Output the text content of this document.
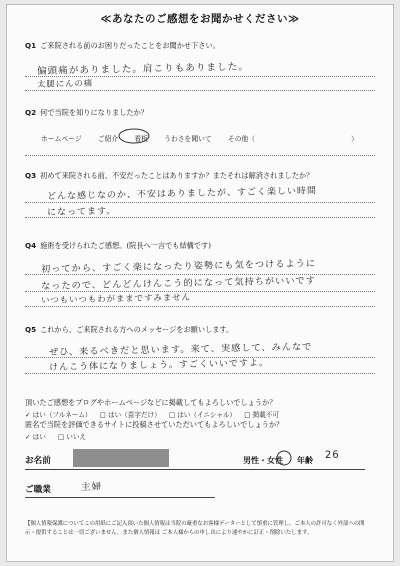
≪あなたのご感想をお聞かせください≫
Q1 ご来院される前のお困りだったことをお聞かせ下さい。
偏頭痛がありました。肩こりもありました。
太腿にんの痛
Q2 何で当院を知りになりましたか？
ホームページ ご紹介 看板 うわさを聞いて その他（	）
Q3 初めて来院される前、不安だったことはありますか？またそれは解消されましたか？
どんな感じなのか、不安はありましたが、すごく楽しい時間
になってます。
Q4 施術を受けられたご感想。(院長へ一言でも結構です)
初ってから、すごく楽になったり姿勢にも気をつけるように
なったので、どんどんけんこう的になって気持ちがいいです
いつもいつもわがままですみません
Q5 これから、ご来院される方へのメッセージをお願いします。
ぜひ、来るべきだと思います。来て、実感して、みんなで
けんこう体になりましょう。すごくいいですよ。
頂いたご感想をブログやホームページなどに掲載してもよろしいでしょうか？
✓ はい（フルネーム） □ はい（苗字だけ） □ はい（イニシャル） □ 掲載不可
匿名で当院を評価できるサイトに投稿させていただいてもよろしいでしょうか？
✓ はい □ いいえ
お名前	男性・女性 年齢 26
ご職業	主婦
【個人情報保護についてこの用紙にご記入頂いた個人情報は当院の厳重なお客様データーとして慎重に管理し、ご本人の許可なく外部への開示・提供することは一切ございません。また個人情報は ご本人様からの申し出により速やかに訂正・削除いたします。
